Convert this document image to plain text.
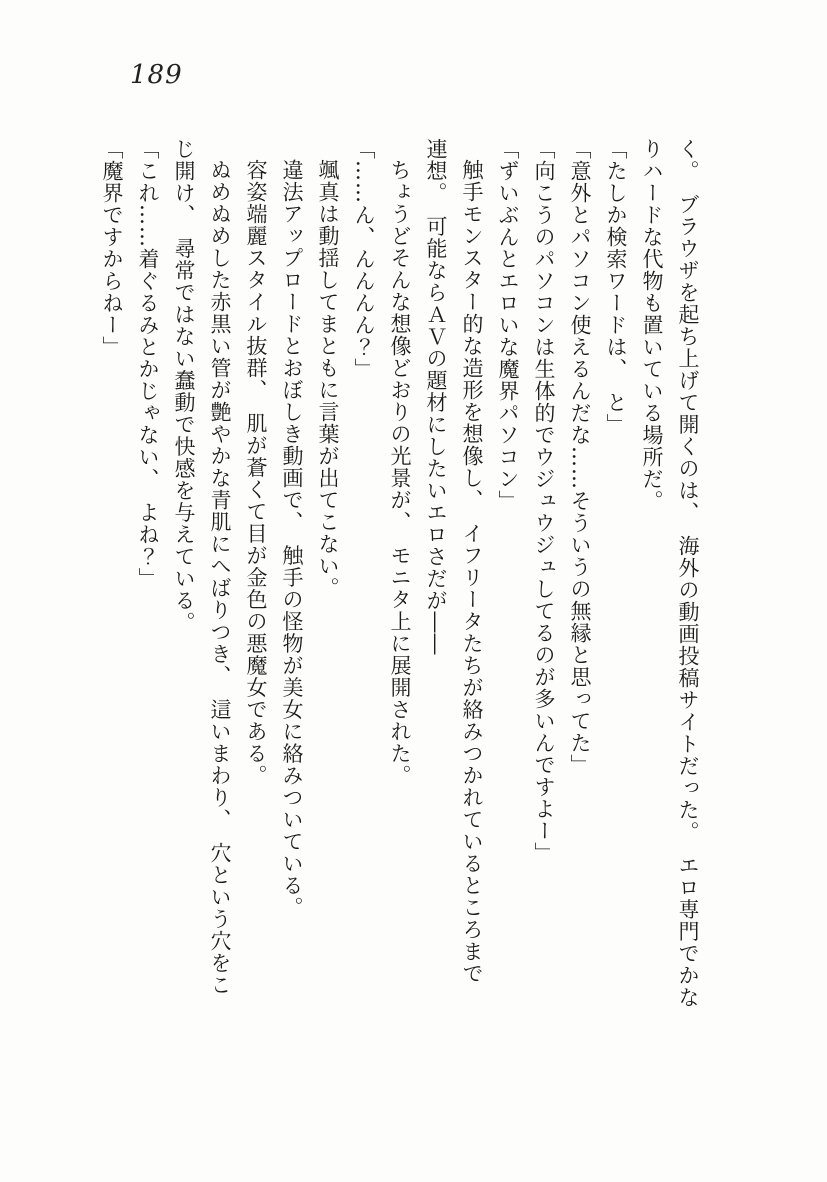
189

く。　ブラウザを起ち上げて開くのは、　海外の動画投稿サイトだった。　エロ専門でかな

りハードな代物も置いている場所だ。

「たしか検索ワードは、　と」

「意外とパソコン使えるんだな……そういうの無縁と思ってた」

「向こうのパソコンは生体的でウジュウジュしてるのが多いんですよー」

「ずいぶんとエロいな魔界パソコン」

触手モンスター的な造形を想像し、　イフリータたちが絡みつかれているところまで

連想。　可能ならＡＶの題材にしたいエロさだが――

ちょうどそんな想像どおりの光景が、　モニタ上に展開された。

「……ん、んんんん？」

颯真は動揺してまともに言葉が出てこない。

違法アップロードとおぼしき動画で、　触手の怪物が美女に絡みついている。

容姿端麗スタイル抜群、　肌が蒼くて目が金色の悪魔女である。

ぬめぬめした赤黒い管が艶やかな青肌にへばりつき、　這いまわり、　穴という穴をこ

じ開け、　尋常ではない蠢動で快感を与えている。

「これ……着ぐるみとかじゃない、　よね？」

「魔界ですからねー」
